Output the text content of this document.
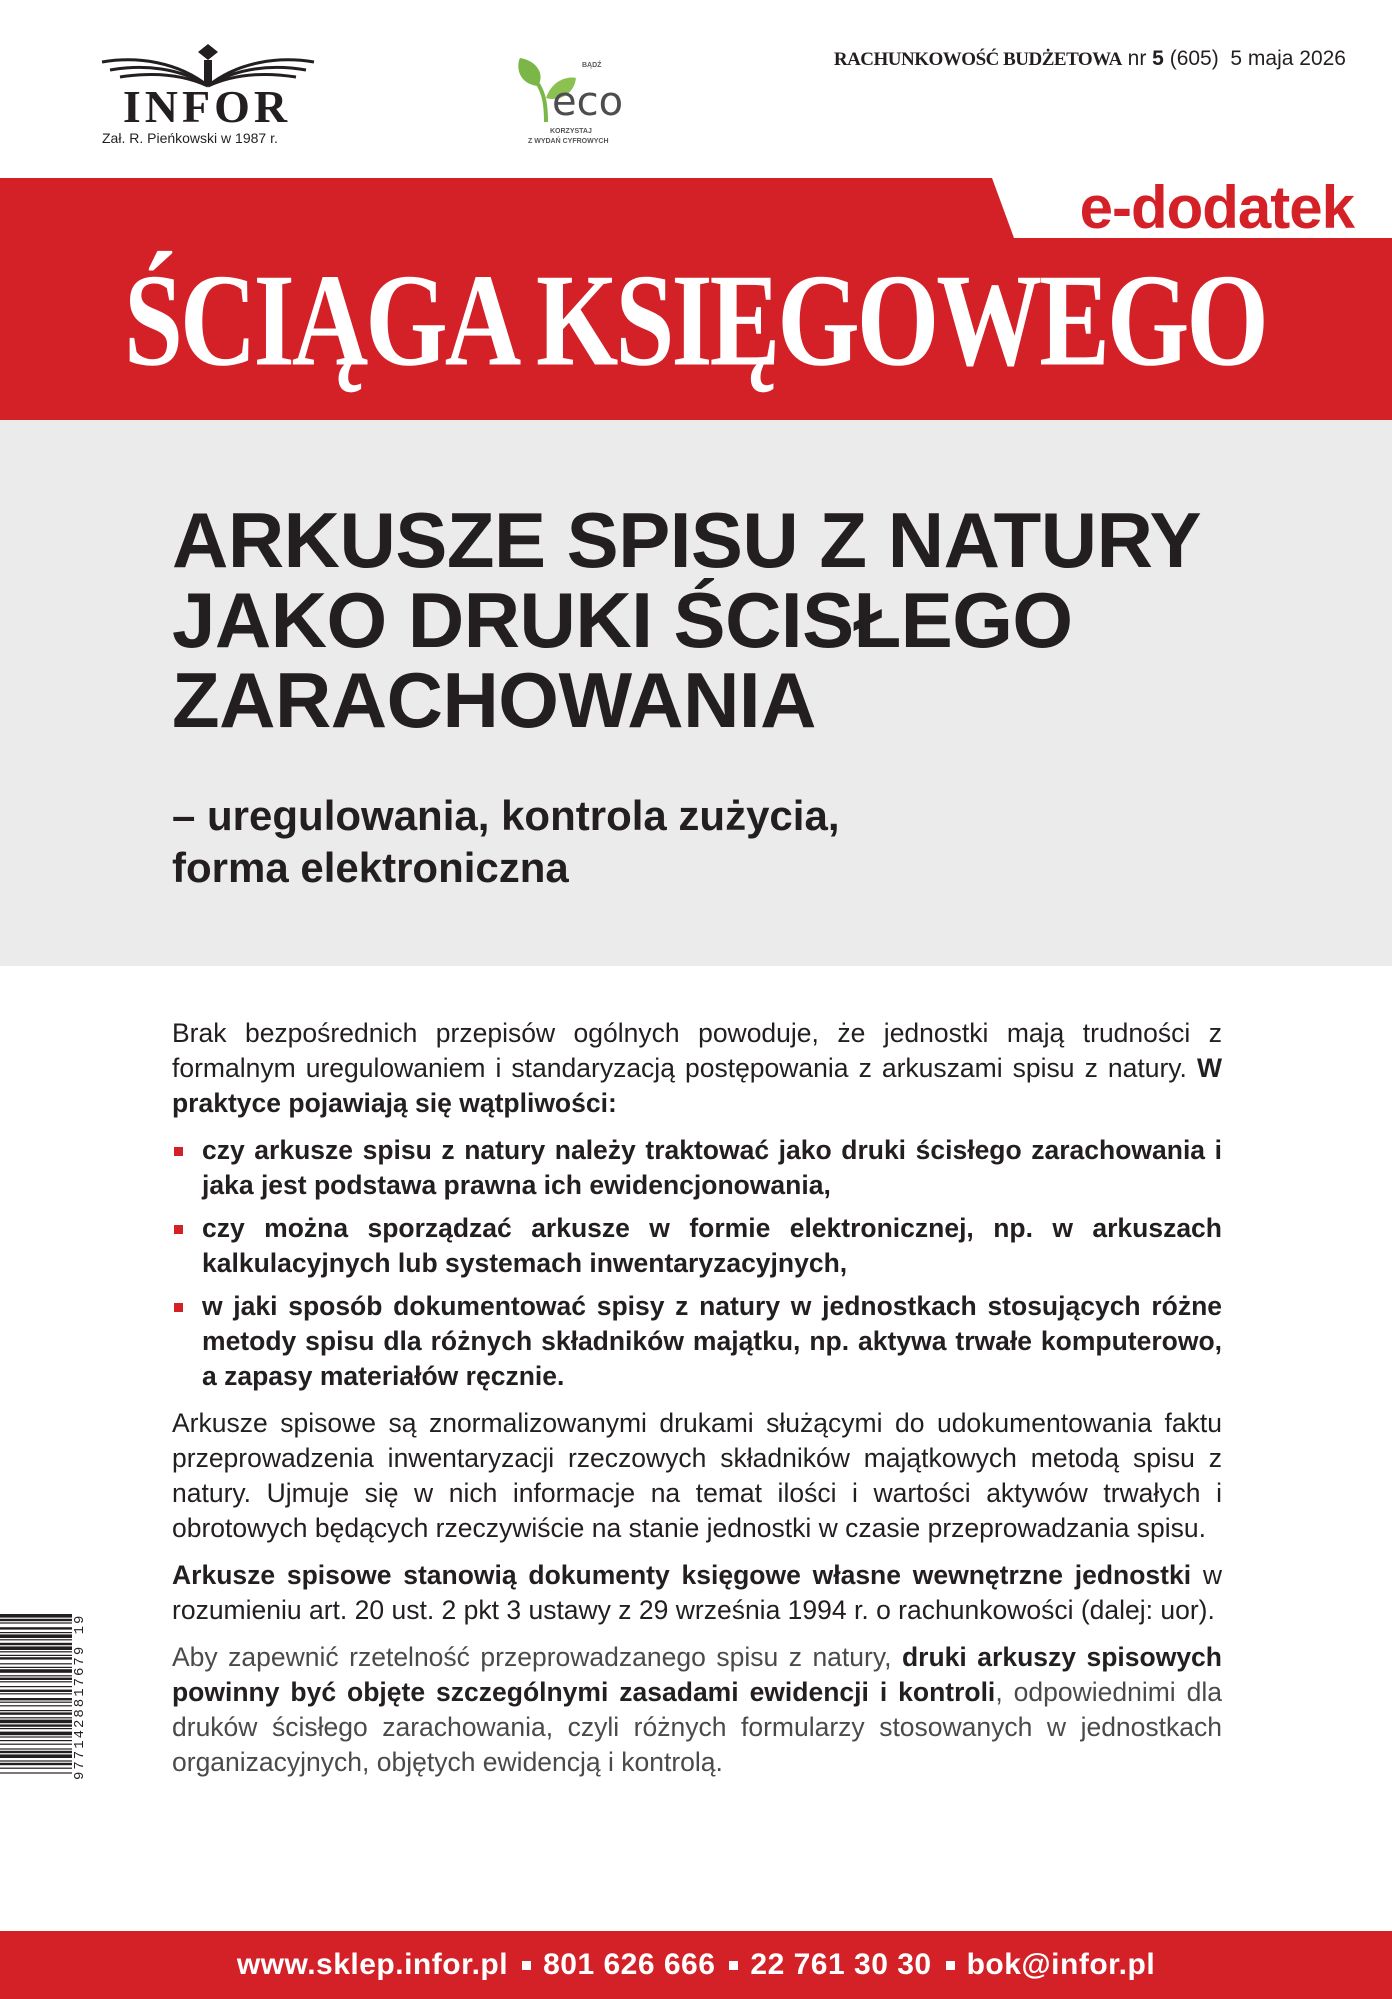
INFOR
Zał. R. Pieńkowski w 1987 r.
BĄDŹ
eco
KORZYSTAJ
Z WYDAŃ CYFROWYCH
RACHUNKOWOŚĆ BUDŻETOWA nr 5 (605) 5 maja 2026
e-dodatek
ŚCIĄGA KSIĘGOWEGO
ARKUSZE SPISU Z NATURY
JAKO DRUKI ŚCISŁEGO
ZARACHOWANIA
– uregulowania, kontrola zużycia,
forma elektroniczna

Brak bezpośrednich przepisów ogólnych powoduje, że jednostki mają trudności z formalnym uregulowaniem i standaryzacją postępowania z arkuszami spisu z natury. W praktyce pojawiają się wątpliwości:

czy arkusze spisu z natury należy traktować jako druki ścisłego zarachowania i jaka jest podstawa prawna ich ewidencjonowania,
czy można sporządzać arkusze w formie elektronicznej, np. w arkuszach kalkulacyjnych lub systemach inwentaryzacyjnych,
w jaki sposób dokumentować spisy z natury w jednostkach stosujących różne metody spisu dla różnych składników majątku, np. aktywa trwałe komputerowo, a zapasy materiałów ręcznie.

Arkusze spisowe są znormalizowanymi drukami służącymi do udokumentowania faktu przeprowadzenia inwentaryzacji rzeczowych składników majątkowych metodą spisu z natury. Ujmuje się w nich informacje na temat ilości i wartości aktywów trwałych i obrotowych będących rzeczywiście na stanie jednostki w czasie przeprowadzania spisu.

Arkusze spisowe stanowią dokumenty księgowe własne wewnętrzne jednostki w rozumieniu art. 20 ust. 2 pkt 3 ustawy z 29 września 1994 r. o rachunkowości (dalej: uor).

Aby zapewnić rzetelność przeprowadzanego spisu z natury, druki arkuszy spisowych powinny być objęte szczególnymi zasadami ewidencji i kontroli, odpowiednimi dla druków ścisłego zarachowania, czyli różnych formularzy stosowanych w jednostkach organizacyjnych, objętych ewidencją i kontrolą.

9771428817679 19
www.sklep.infor.pl 801 626 666 22 761 30 30 bok@infor.pl
